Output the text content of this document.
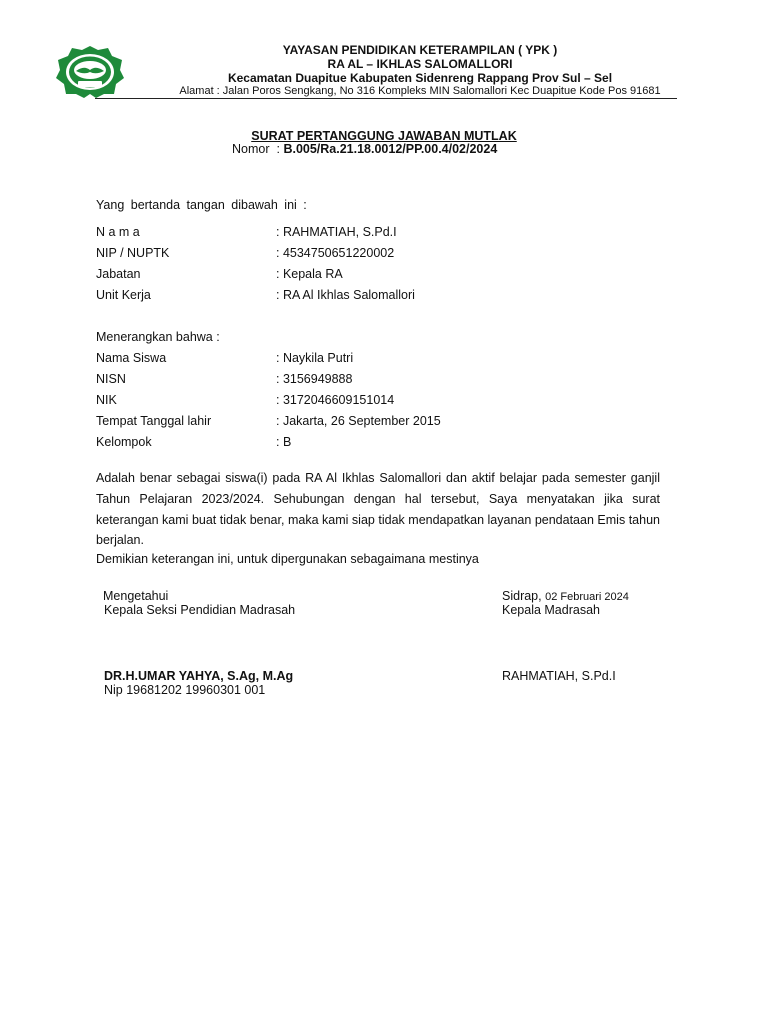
YAYASAN PENDIDIKAN KETERAMPILAN ( YPK )
RA AL – IKHLAS SALOMALLORI
Kecamatan Duapitue Kabupaten Sidenreng Rappang Prov Sul – Sel
Alamat : Jalan Poros Sengkang, No 316 Kompleks MIN Salomallori Kec Duapitue Kode Pos 91681
SURAT PERTANGGUNG JAWABAN MUTLAK
Nomor : B.005/Ra.21.18.0012/PP.00.4/02/2024
Yang bertanda tangan dibawah ini :
N a m a	: RAHMATIAH, S.Pd.I
NIP / NUPTK	: 4534750651220002
Jabatan	: Kepala RA
Unit Kerja	: RA Al Ikhlas Salomallori
Menerangkan bahwa :
Nama Siswa	: Naykila Putri
NISN	: 3156949888
NIK	: 3172046609151014
Tempat Tanggal lahir	: Jakarta, 26 September 2015
Kelompok	: B
Adalah benar sebagai siswa(i) pada RA Al Ikhlas Salomallori dan aktif belajar pada semester ganjil Tahun Pelajaran 2023/2024. Sehubungan dengan hal tersebut, Saya menyatakan jika surat keterangan kami buat tidak benar, maka kami siap tidak mendapatkan layanan pendataan Emis tahun berjalan.
Demikian keterangan ini, untuk dipergunakan sebagaimana mestinya
Mengetahui
Kepala Seksi Pendidian Madrasah
DR.H.UMAR YAHYA, S.Ag, M.Ag
Nip 19681202 19960301 001
Sidrap, 02 Februari 2024
Kepala Madrasah
RAHMATIAH, S.Pd.I
